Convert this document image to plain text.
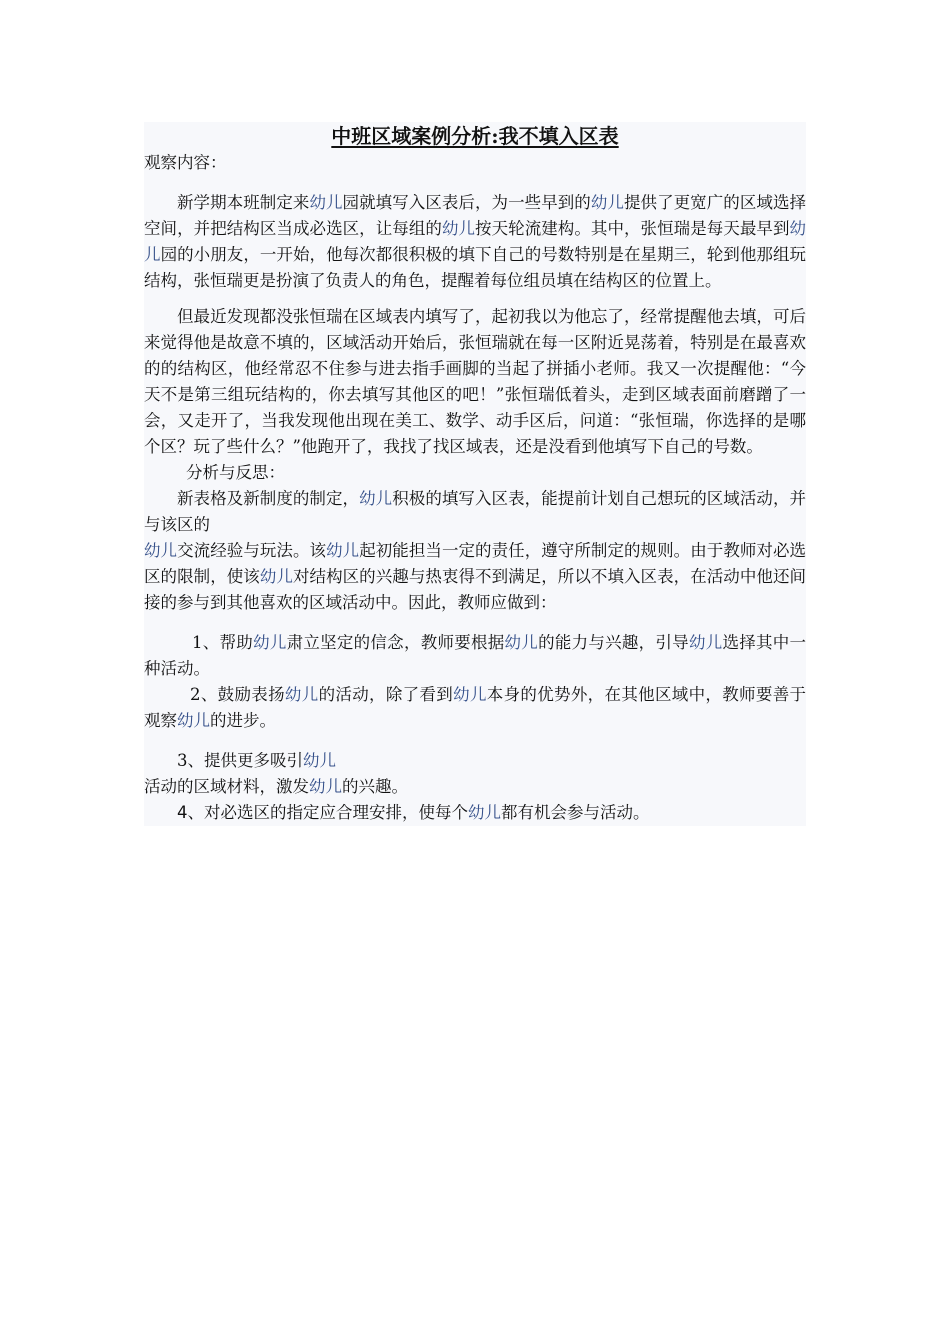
中班区域案例分析:我不填入区表

观察内容：

新学期本班制定来幼儿园就填写入区表后，为一些早到的幼儿提供了更宽广的区域选择空间，并把结构区当成必选区，让每组的幼儿按天轮流建构。其中，张恒瑞是每天最早到幼儿园的小朋友，一开始，他每次都很积极的填下自己的号数特别是在星期三，轮到他那组玩结构，张恒瑞更是扮演了负责人的角色，提醒着每位组员填在结构区的位置上。

但最近发现都没张恒瑞在区域表内填写了，起初我以为他忘了，经常提醒他去填，可后来觉得他是故意不填的，区域活动开始后，张恒瑞就在每一区附近晃荡着，特别是在最喜欢的的结构区，他经常忍不住参与进去指手画脚的当起了拼插小老师。我又一次提醒他：“今天不是第三组玩结构的，你去填写其他区的吧！”张恒瑞低着头，走到区域表面前磨蹭了一会，又走开了，当我发现他出现在美工、数学、动手区后，问道：“张恒瑞，你选择的是哪个区？玩了些什么？”他跑开了，我找了找区域表，还是没看到他填写下自己的号数。

分析与反思：

新表格及新制度的制定，幼儿积极的填写入区表，能提前计划自己想玩的区域活动，并与该区的

幼儿交流经验与玩法。该幼儿起初能担当一定的责任，遵守所制定的规则。由于教师对必选区的限制，使该幼儿对结构区的兴趣与热衷得不到满足，所以不填入区表，在活动中他还间接的参与到其他喜欢的区域活动中。因此，教师应做到：

1、帮助幼儿肃立坚定的信念，教师要根据幼儿的能力与兴趣，引导幼儿选择其中一种活动。

2、鼓励表扬幼儿的活动，除了看到幼儿本身的优势外，在其他区域中，教师要善于观察幼儿的进步。

3、提供更多吸引幼儿

活动的区域材料，激发幼儿的兴趣。

4、对必选区的指定应合理安排，使每个幼儿都有机会参与活动。
